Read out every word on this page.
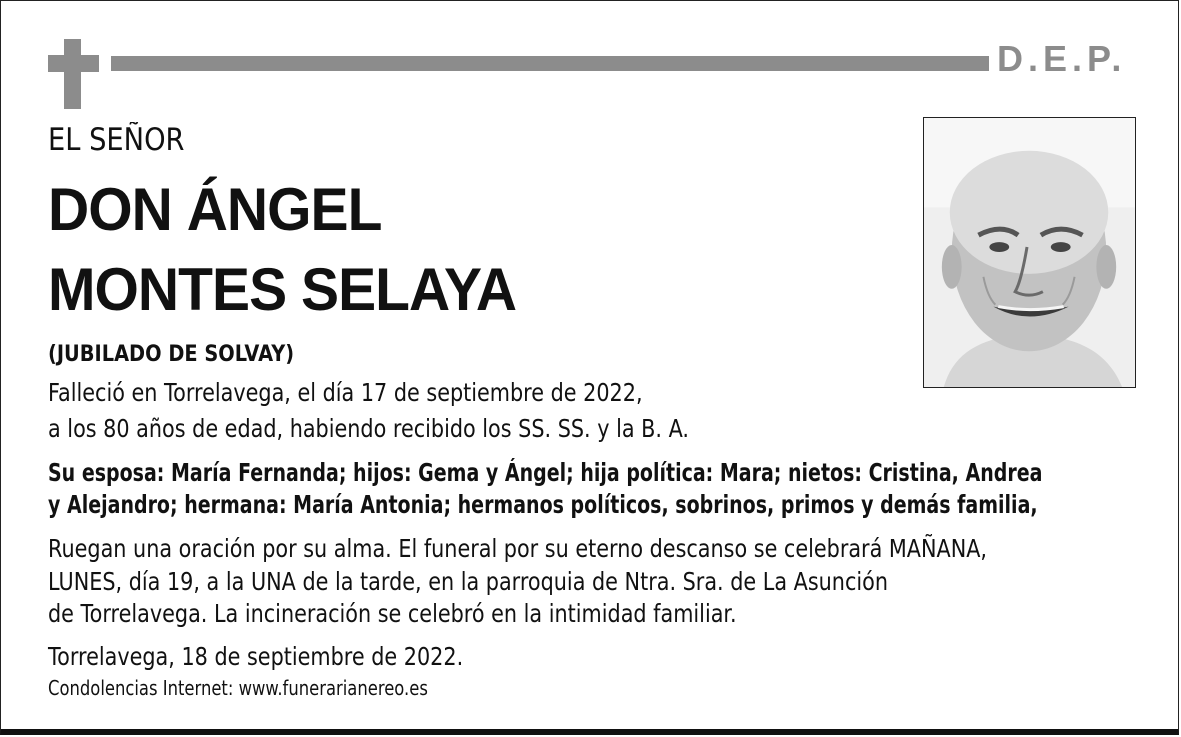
D.E.P.
EL SEÑOR
DON ÁNGEL
MONTES SELAYA
(JUBILADO DE SOLVAY)
Falleció en Torrelavega, el día 17 de septiembre de 2022,
a los 80 años de edad, habiendo recibido los SS. SS. y la B. A.
Su esposa: María Fernanda; hijos: Gema y Ángel; hija política: Mara; nietos: Cristina, Andrea
y Alejandro; hermana: María Antonia; hermanos políticos, sobrinos, primos y demás familia,
Ruegan una oración por su alma. El funeral por su eterno descanso se celebrará MAÑANA,
LUNES, día 19, a la UNA de la tarde, en la parroquia de Ntra. Sra. de La Asunción
de Torrelavega. La incineración se celebró en la intimidad familiar.
Torrelavega, 18 de septiembre de 2022.
Condolencias Internet: www.funerarianereo.es
